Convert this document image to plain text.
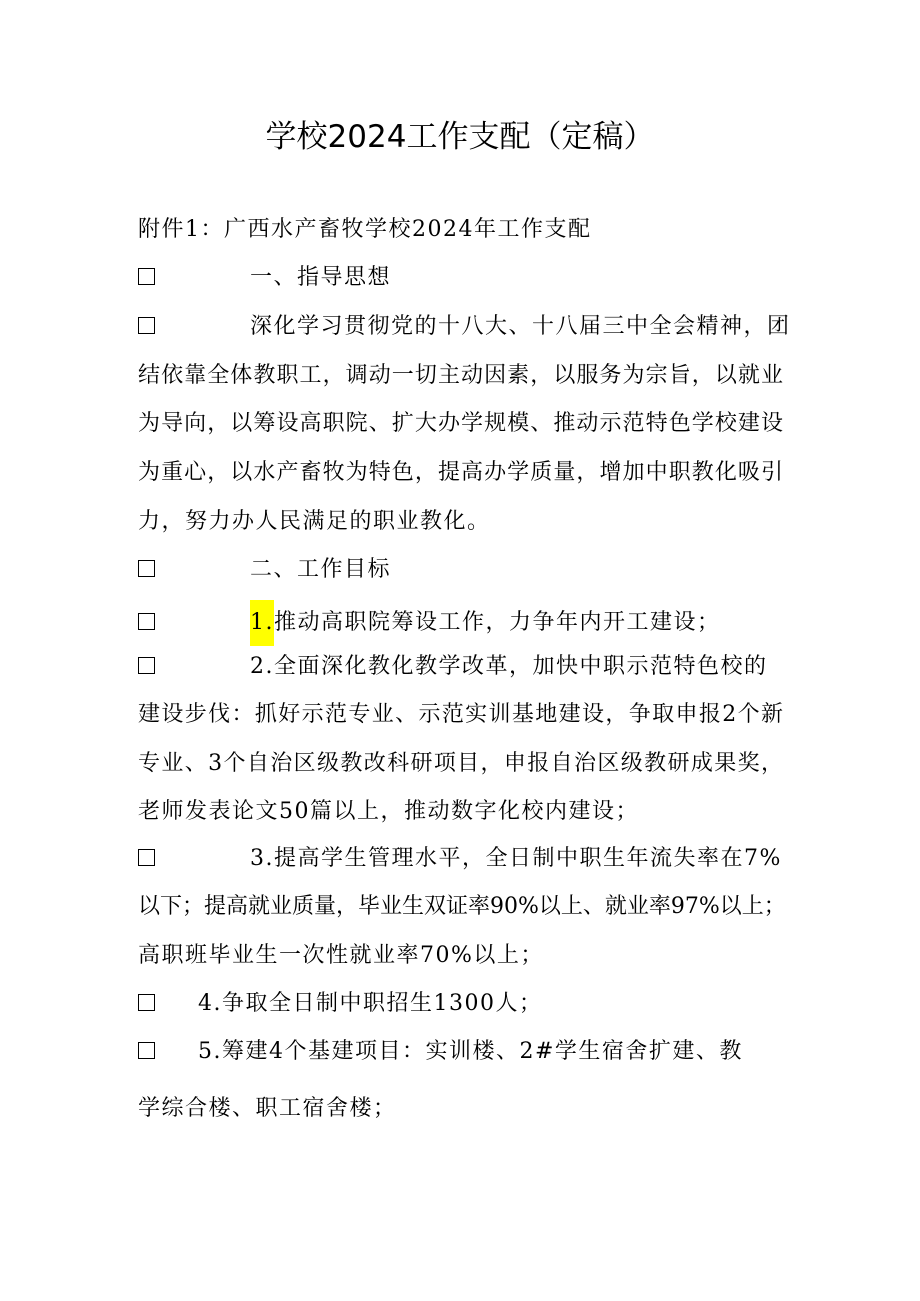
学校2024工作支配（定稿）
附件1：广西水产畜牧学校2024年工作支配
一、指导思想
深化学习贯彻党的十八大、十八届三中全会精神，团
结依靠全体教职工，调动一切主动因素，以服务为宗旨，以就业
为导向，以筹设高职院、扩大办学规模、推动示范特色学校建设
为重心，以水产畜牧为特色，提高办学质量，增加中职教化吸引
力，努力办人民满足的职业教化。
二、工作目标
1.推动高职院筹设工作，力争年内开工建设；
2.全面深化教化教学改革，加快中职示范特色校的
建设步伐：抓好示范专业、示范实训基地建设，争取申报2个新
专业、3个自治区级教改科研项目，申报自治区级教研成果奖，
老师发表论文50篇以上，推动数字化校内建设；
3.提高学生管理水平，全日制中职生年流失率在7%
以下；提高就业质量，毕业生双证率90%以上、就业率97%以上；
高职班毕业生一次性就业率70%以上；
4.争取全日制中职招生1300人；
5.筹建4个基建项目：实训楼、2#学生宿舍扩建、教
学综合楼、职工宿舍楼；
